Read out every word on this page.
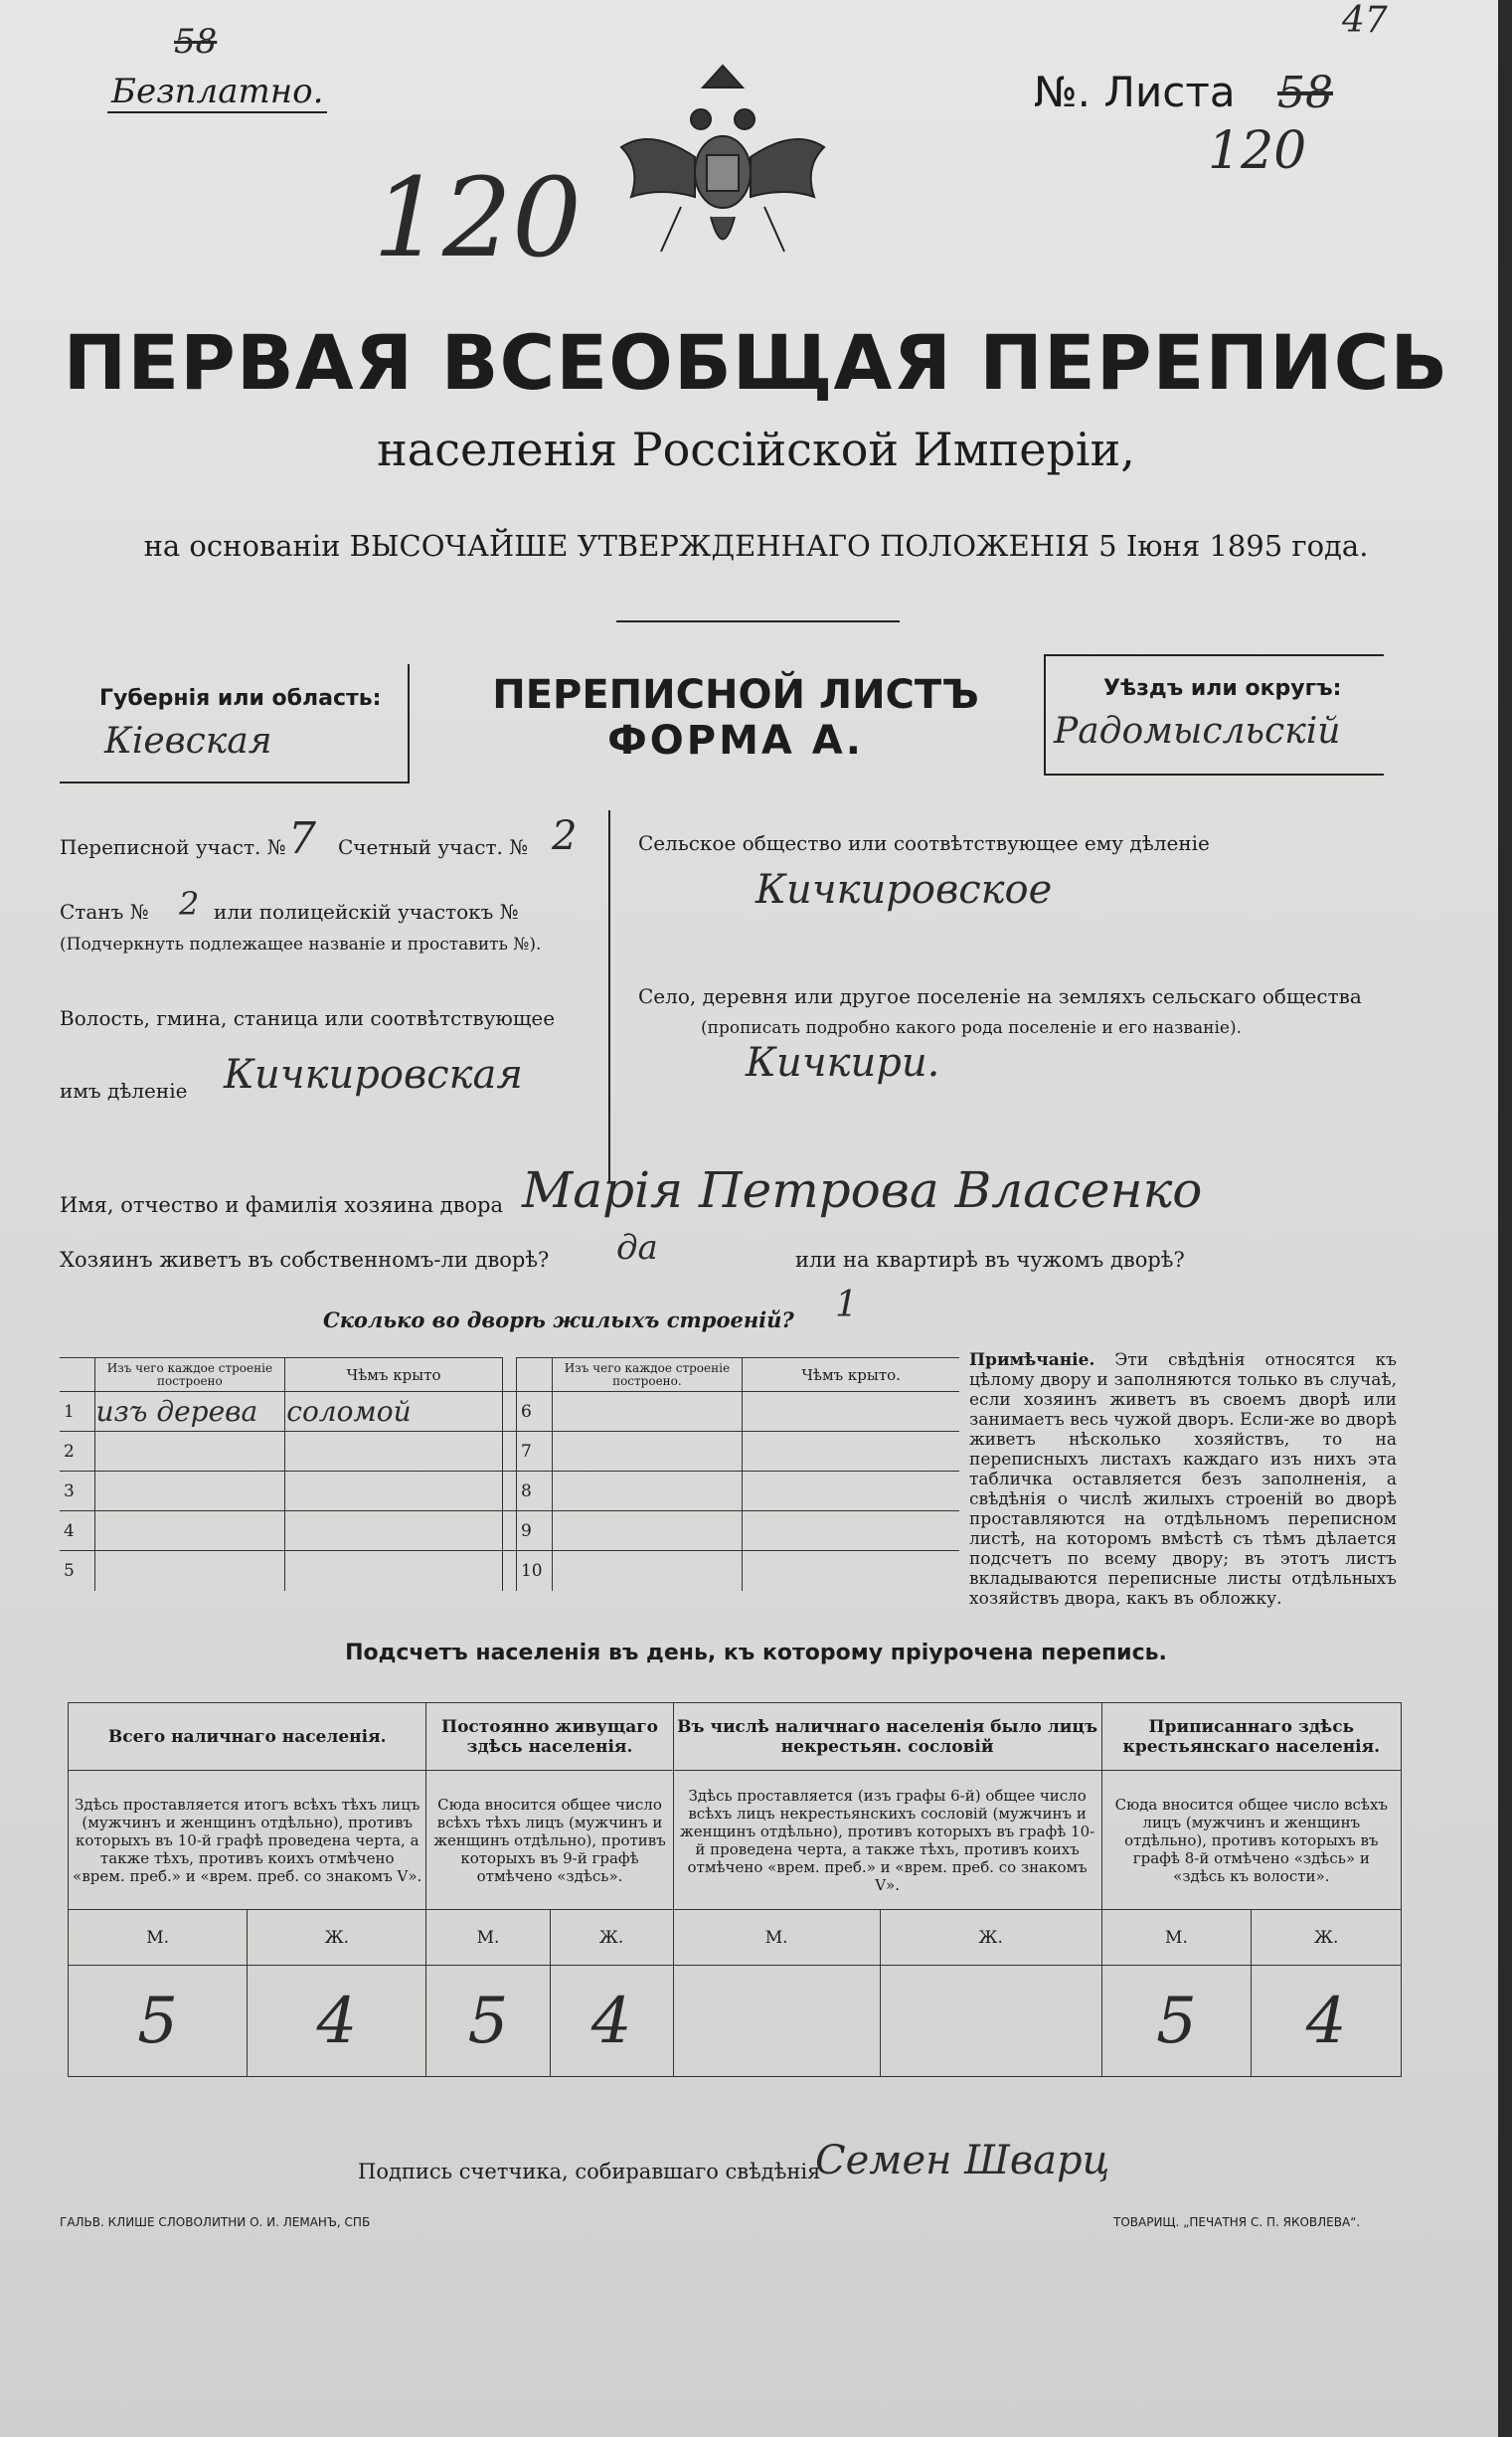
58
47
Безплатно.	№. Листа 58
120
120
ПЕРВАЯ ВСЕОБЩАЯ ПЕРЕПИСЬ
населенія Россійской Имперіи,
на основаніи ВЫСОЧАЙШЕ УТВЕРЖДЕННАГО ПОЛОЖЕНІЯ 5 Іюня 1895 года.
Губернія или область:
Кіевская
ПЕРЕПИСНОЙ ЛИСТЪ
ФОРМА А.
Уѣздъ или округъ:
Радомысльскій
Переписной участ. № 7 Счетный участ. № 2
Станъ № 2 или полицейскій участокъ №
(Подчеркнуть подлежащее названіе и проставить №).
Волость, гмина, станица или соотвѣтствующее
имъ дѣленіе Кичкировская
Сельское общество или соотвѣтствующее ему дѣленіе
Кичкировское
Село, деревня или другое поселеніе на земляхъ сельскаго общества
(прописать подробно какого рода поселеніе и его названіе).
Кичкири.
Имя, отчество и фамилія хозяина двора Марія Петрова Власенко
Хозяинъ живетъ въ собственномъ-ли дворѣ? да	или на квартирѣ въ чужомъ дворѣ?
Сколько во дворѣ жилыхъ строеній? 1
	Изъ чего каждое строеніе построено	Чѣмъ крыто			Изъ чего каждое строеніе построено.	Чѣмъ крыто.
1	изъ дерева	соломой		6		
2				7		
3				8		
4				9		
5				10		
Примѣчаніе. Эти свѣдѣнія относятся къ цѣлому двору и заполняются только въ случаѣ, если хозяинъ живетъ въ своемъ дворѣ или занимаетъ весь чужой дворъ. Если-же во дворѣ живетъ нѣсколько хозяйствъ, то на переписныхъ листахъ каждаго изъ нихъ эта табличка оставляется безъ заполненія, а свѣдѣнія о числѣ жилыхъ строеній во дворѣ проставляются на отдѣльномъ переписном листѣ, на которомъ вмѣстѣ съ тѣмъ дѣлается подсчетъ по всему двору; въ этотъ листъ вкладываются переписные листы отдѣльныхъ хозяйствъ двора, какъ въ обложку.
Подсчетъ населенія въ день, къ которому пріурочена перепись.
Всего наличнаго населенія.		Постоянно живущаго здѣсь населенія.		Въ числѣ наличнаго населенія было лицъ некрестьян. сословій		Приписаннаго здѣсь крестьянскаго населенія.	
Здѣсь проставляется итогъ всѣхъ тѣхъ лицъ (мужчинъ и женщинъ отдѣльно), противъ которыхъ въ 10-й графѣ проведена черта, а также тѣхъ, противъ коихъ отмѣчено «врем. преб.» и «врем. преб. со знакомъ V».		Сюда вносится общее число всѣхъ тѣхъ лицъ (мужчинъ и женщинъ отдѣльно), противъ которыхъ въ 9-й графѣ отмѣчено «здѣсь».		Здѣсь проставляется (изъ графы 6-й) общее число всѣхъ лицъ некрестьянскихъ сословій (мужчинъ и женщинъ отдѣльно), противъ которыхъ въ графѣ 10-й проведена черта, а также тѣхъ, противъ коихъ отмѣчено «врем. преб.» и «врем. преб. со знакомъ V».		Сюда вносится общее число всѣхъ лицъ (мужчинъ и женщинъ отдѣльно), противъ которыхъ въ графѣ 8-й отмѣчено «здѣсь» и «здѣсь къ волости».	
М.	Ж.	М.	Ж.	М.	Ж.	М.	Ж.
5	4	5	4			5	4
Подпись счетчика, собиравшаго свѣдѣнія
Семен Шварц
ГАЛЬВ. КЛИШЕ СЛОВОЛИТНИ О. И. ЛЕМАНЪ, СПБ	ТОВАРИЩ. „ПЕЧАТНЯ С. П. ЯКОВЛЕВА“.
